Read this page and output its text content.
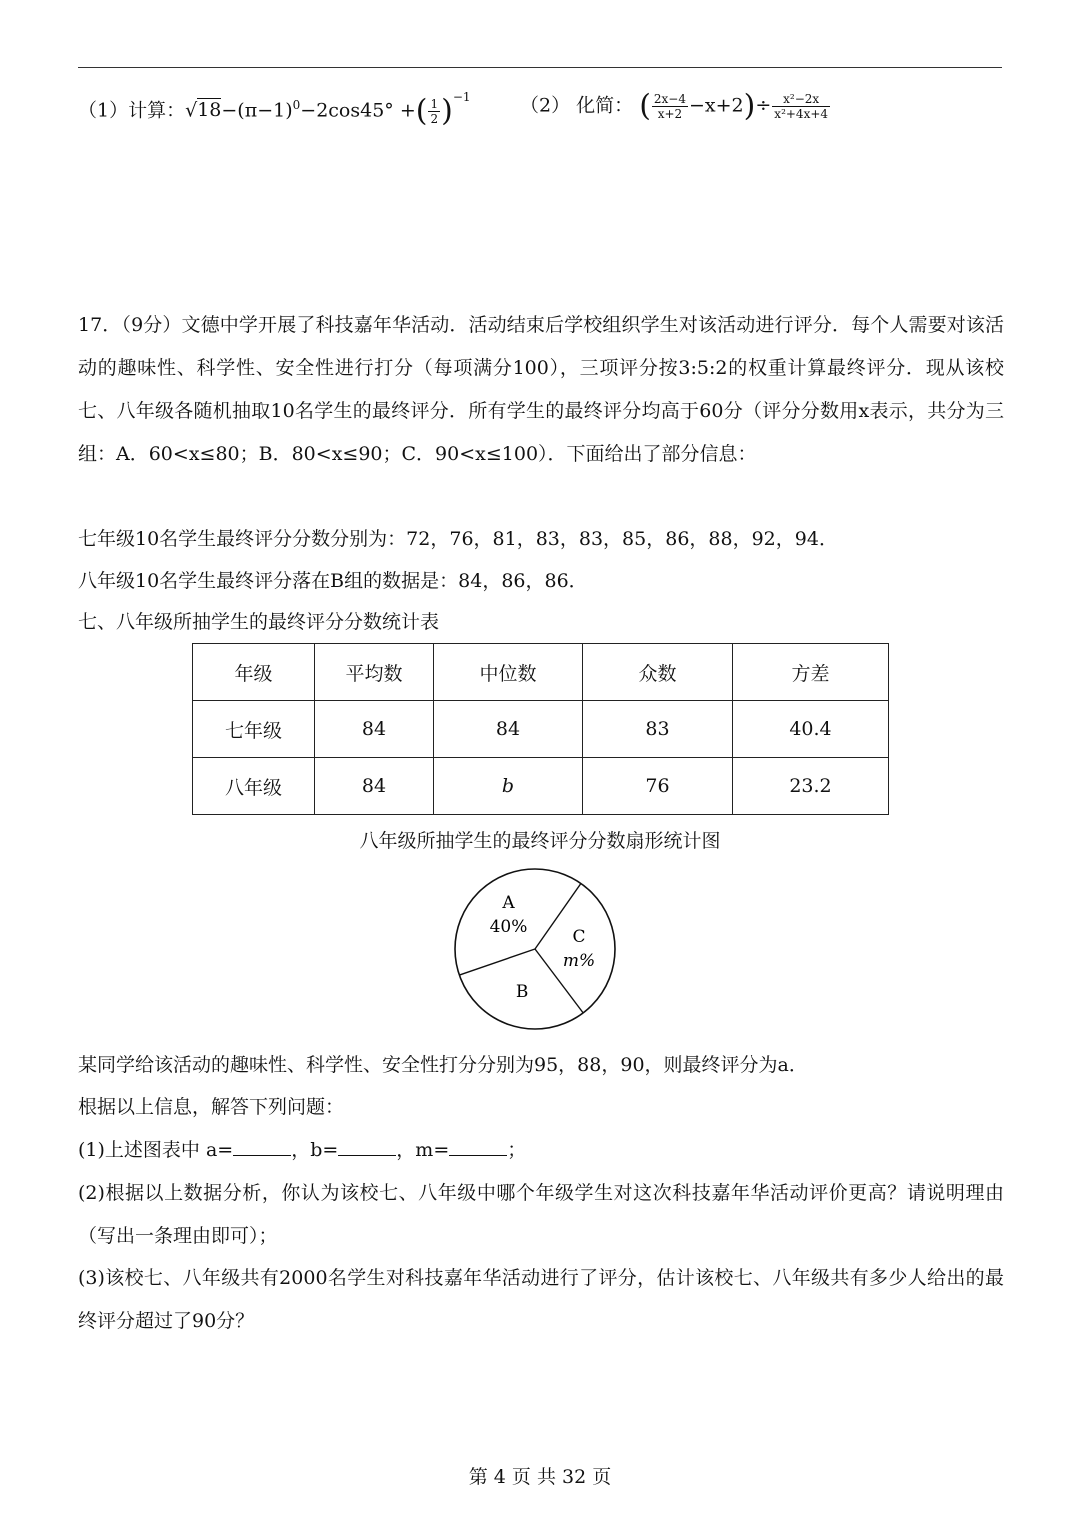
（1）计算：$√18-(\pi-1)^0-2\cos 45^\circ$ +( $\frac{1}{2} )^{-1}$	（2） 化简： ( $\frac{2x-4}{x+2} -x+2)\div \frac{\text{x²−2x}}{\text{x²+4x+4}}$
17．（9分）文德中学开展了科技嘉年华活动．活动结束后学校组织学生对该活动进行评分．每个人需要对该活动的趣味性、科学性、安全性进行打分（每项满分100），三项评分按3:5:2的权重计算最终评分．现从该校七、八年级各随机抽取10名学生的最终评分．所有学生的最终评分均高于60分（评分分数用x表示，共分为三组：A．60<x≤80；B．80<x≤90；C．90<x≤100）．下面给出了部分信息：
七年级10名学生最终评分分数分别为：72，76，81，83，83，85，86，88，92，94．
八年级10名学生最终评分落在B组的数据是：84，86，86．
七、八年级所抽学生的最终评分分数统计表
年级	平均数	中位数	众数	方差
七年级	84	84	83	40.4
八年级	84	b	76	23.2
八年级所抽学生的最终评分分数扇形统计图
A
40%
C
m%
B
某同学给该活动的趣味性、科学性、安全性打分分别为95，88，90，则最终评分为a．
根据以上信息，解答下列问题：
(1)上述图表中 a=	，b=	，m=	；
(2)根据以上数据分析，你认为该校七、八年级中哪个年级学生对这次科技嘉年华活动评价更高？请说明理由（写出一条理由即可）；
(3)该校七、八年级共有2000名学生对科技嘉年华活动进行了评分，估计该校七、八年级共有多少人给出的最终评分超过了90分？
第 4 页 共 32 页
